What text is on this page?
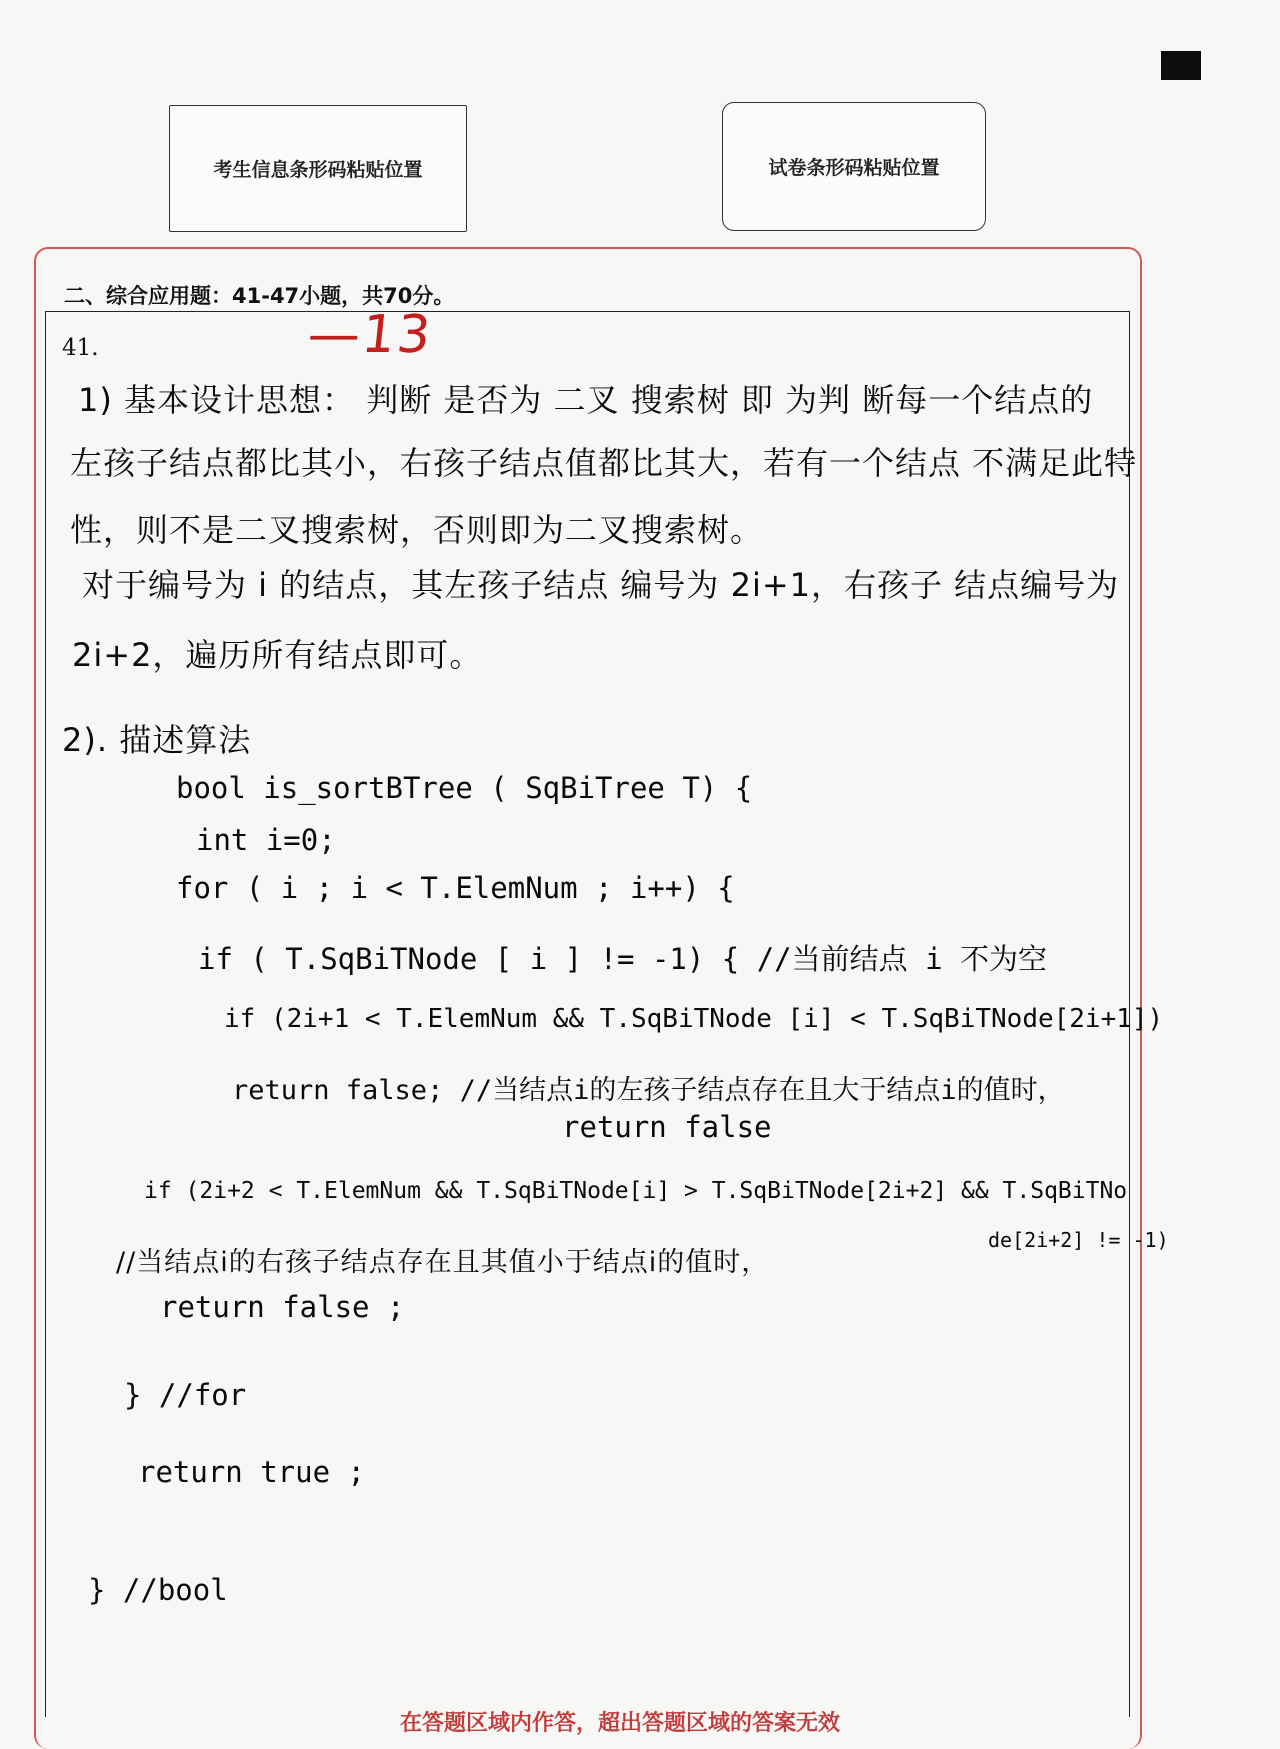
考生信息条形码粘贴位置	试卷条形码粘贴位置
二、综合应用题：41-47小题，共70分。
41.	—13
1) 基本设计思想： 判断 是否为 二叉 搜索树 即 为判 断每一个结点的
左孩子结点都比其小，右孩子结点值都比其大，若有一个结点 不满足此特
性，则不是二叉搜索树，否则即为二叉搜索树。
对于编号为 i 的结点，其左孩子结点 编号为 2i+1，右孩子 结点编号为
2i+2，遍历所有结点即可。
2). 描述算法
bool is_sortBTree ( SqBiTree T) {
int i=0;
for ( i ; i < T.ElemNum ; i++) {
if ( T.SqBiTNode [ i ] != -1) { //当前结点 i 不为空
if (2i+1 < T.ElemNum && T.SqBiTNode [i] < T.SqBiTNode[2i+1])
return false; //当结点i的左孩子结点存在且大于结点i的值时，
return false
if (2i+2 < T.ElemNum && T.SqBiTNode[i] > T.SqBiTNode[2i+2] && T.SqBiTNo
de[2i+2] != -1)
//当结点i的右孩子结点存在且其值小于结点i的值时，
return false ;
} //for
return true ;
} //bool
在答题区域内作答，超出答题区域的答案无效
